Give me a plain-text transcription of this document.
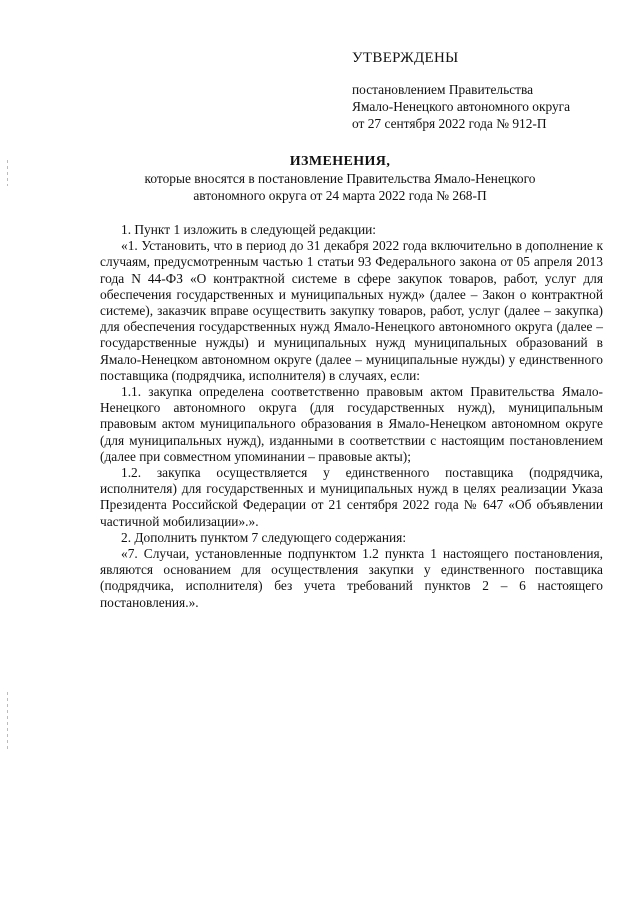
УТВЕРЖДЕНЫ
постановлением Правительства
Ямало-Ненецкого автономного округа
от 27 сентября 2022 года № 912-П
ИЗМЕНЕНИЯ,
которые вносятся в постановление Правительства Ямало-Ненецкого
автономного округа от 24 марта 2022 года № 268-П

1. Пункт 1 изложить в следующей редакции:

«1. Установить, что в период до 31 декабря 2022 года включительно в дополнение к случаям, предусмотренным частью 1 статьи 93 Федерального закона от 05 апреля 2013 года N 44-ФЗ «О контрактной системе в сфере закупок товаров, работ, услуг для обеспечения государственных и муниципальных нужд» (далее – Закон о контрактной системе), заказчик вправе осуществить закупку товаров, работ, услуг (далее – закупка) для обеспечения государственных нужд Ямало-Ненецкого автономного округа (далее – государственные нужды) и муниципальных нужд муниципальных образований в Ямало-Ненецком автономном округе (далее – муниципальные нужды) у единственного поставщика (подрядчика, исполнителя) в случаях, если:

1.1. закупка определена соответственно правовым актом Правительства Ямало-Ненецкого автономного округа (для государственных нужд), муниципальным правовым актом муниципального образования в Ямало-Ненецком автономном округе (для муниципальных нужд), изданными в соответствии с настоящим постановлением (далее при совместном упоминании – правовые акты);

1.2. закупка осуществляется у единственного поставщика (подрядчика, исполнителя) для государственных и муниципальных нужд в целях реализации Указа Президента Российской Федерации от 21 сентября 2022 года № 647 «Об объявлении частичной мобилизации».».

2. Дополнить пунктом 7 следующего содержания:

«7. Случаи, установленные подпунктом 1.2 пункта 1 настоящего постановления, являются основанием для осуществления закупки у единственного поставщика (подрядчика, исполнителя) без учета требований пунктов 2 – 6 настоящего постановления.».
